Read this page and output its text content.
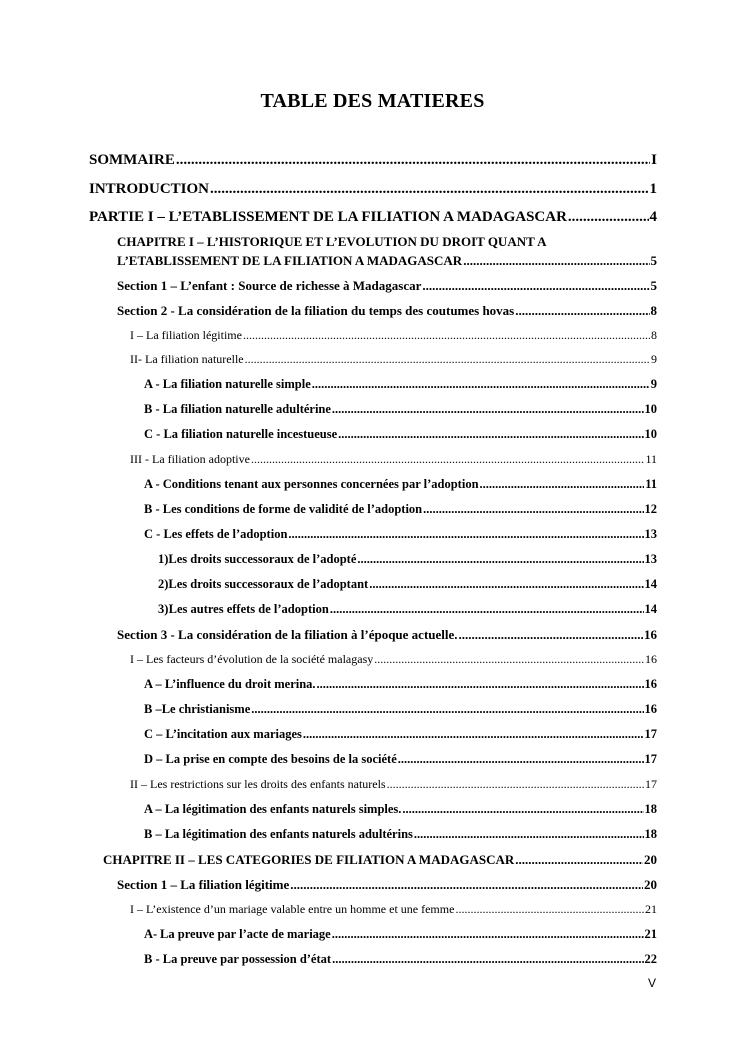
TABLE DES MATIERES
SOMMAIRE .....	I
INTRODUCTION .....	1
PARTIE I – L’ETABLISSEMENT DE LA FILIATION A MADAGASCAR .....	4
CHAPITRE I – L’HISTORIQUE ET L’EVOLUTION DU DROIT QUANT A
L’ETABLISSEMENT DE LA FILIATION A MADAGASCAR .....	5
Section 1 – L’enfant : Source de richesse à Madagascar .....	5
Section 2 - La considération de la filiation du temps des coutumes hovas .....	8
I – La filiation légitime .....	8
II- La filiation naturelle .....	9
A - La filiation naturelle simple .....	9
B - La filiation naturelle adultérine .....	10
C - La filiation naturelle incestueuse .....	10
III - La filiation adoptive .....	11
A - Conditions tenant aux personnes concernées par l’adoption .....	11
B - Les conditions de forme de validité de l’adoption .....	12
C - Les effets de l’adoption .....	13
1) Les droits successoraux de l’adopté .....	13
2) Les droits successoraux de l’adoptant .....	14
3) Les autres effets de l’adoption .....	14
Section 3 - La considération de la filiation à l’époque actuelle. .....	16
I – Les facteurs d’évolution de la société malagasy .....	16
A – L’influence du droit merina. .....	16
B –Le christianisme .....	16
C – L’incitation aux mariages .....	17
D – La prise en compte des besoins de la société .....	17
II – Les restrictions sur les droits des enfants naturels .....	17
A – La légitimation des enfants naturels simples. .....	18
B – La légitimation des enfants naturels adultérins .....	18
CHAPITRE II – LES CATEGORIES DE FILIATION A MADAGASCAR .....	20
Section 1 – La filiation légitime .....	20
I – L’existence d’un mariage valable entre un homme et une femme .....	21
A- La preuve par l’acte de mariage .....	21
B - La preuve par possession d’état .....	22
V
